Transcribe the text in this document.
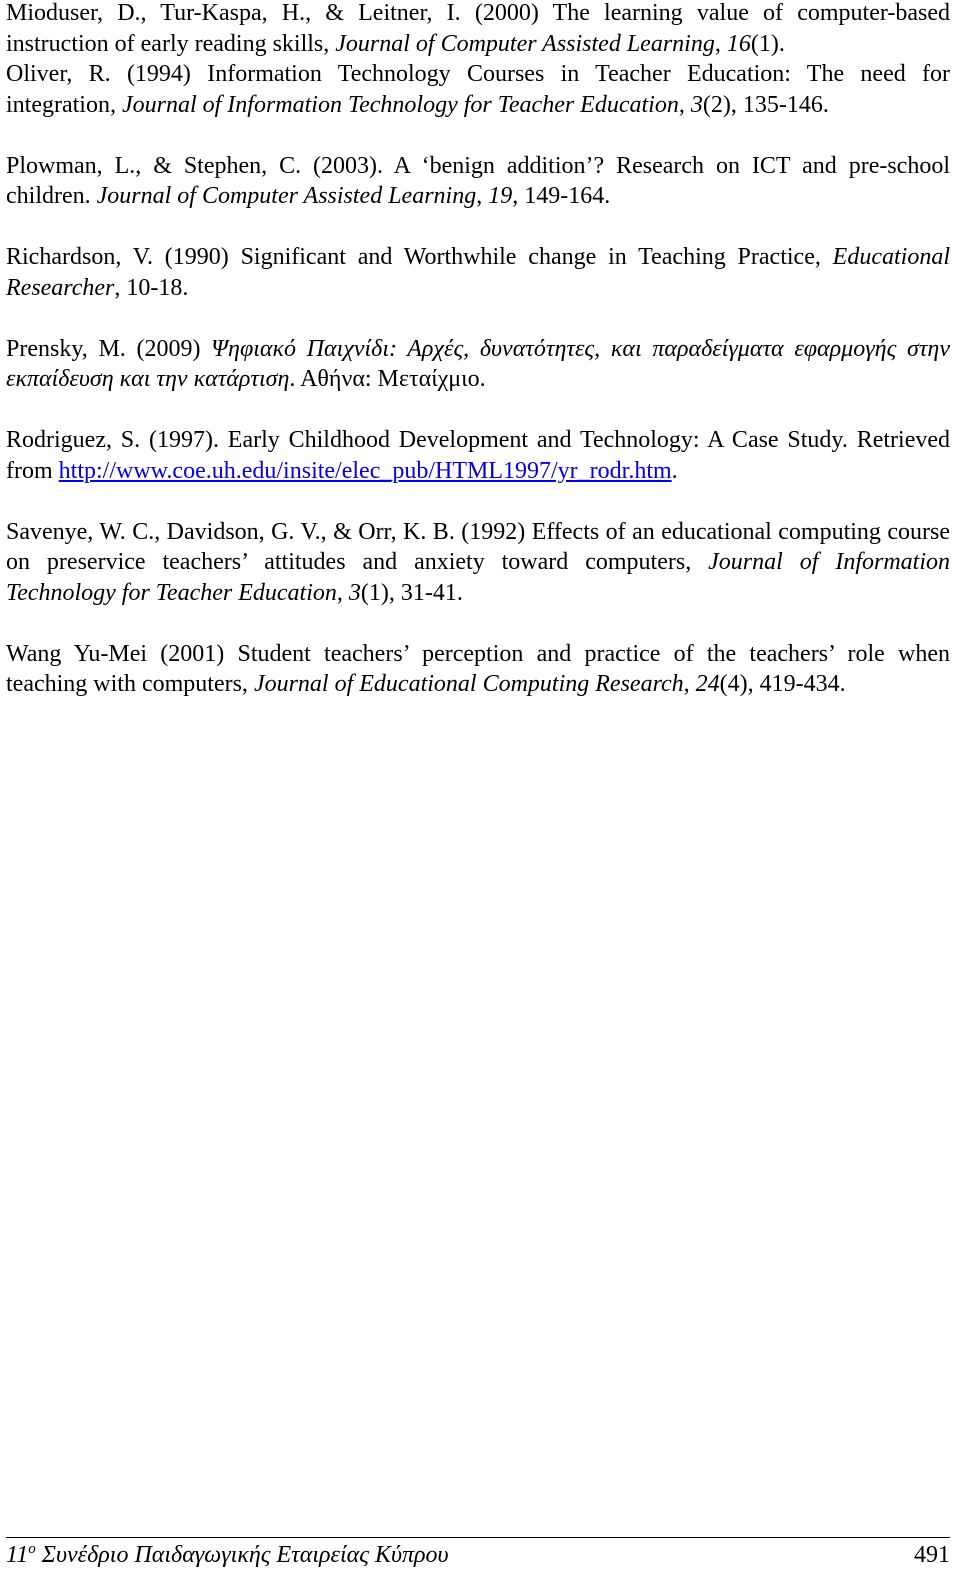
Mioduser, D., Tur-Kaspa, H., & Leitner, I. (2000) The learning value of computer-based instruction of early reading skills, Journal of Computer Assisted Learning, 16(1).

Oliver, R. (1994) Information Technology Courses in Teacher Education: The need for integration, Journal of Information Technology for Teacher Education, 3(2), 135-146.

Plowman, L., & Stephen, C. (2003). A ‘benign addition’? Research on ICT and pre-school children. Journal of Computer Assisted Learning, 19, 149-164.

Richardson, V. (1990) Significant and Worthwhile change in Teaching Practice, Educational Researcher, 10-18.

Prensky, M. (2009) Ψηφιακό Παιχνίδι: Αρχές, δυνατότητες, και παραδείγματα εφαρμογής στην εκπαίδευση και την κατάρτιση. Αθήνα: Μεταίχμιο.

Rodriguez, S. (1997). Early Childhood Development and Technology: A Case Study. Retrieved from http://www.coe.uh.edu/insite/elec_pub/HTML1997/yr_rodr.htm.

Savenye, W. C., Davidson, G. V., & Orr, K. B. (1992) Effects of an educational computing course on preservice teachers’ attitudes and anxiety toward computers, Journal of Information Technology for Teacher Education, 3(1), 31-41.

Wang Yu-Mei (2001) Student teachers’ perception and practice of the teachers’ role when teaching with computers, Journal of Educational Computing Research, 24(4), 419-434.

$11^o$ Συνέδριο Παιδαγωγικής Εταιρείας Κύπρου	491
